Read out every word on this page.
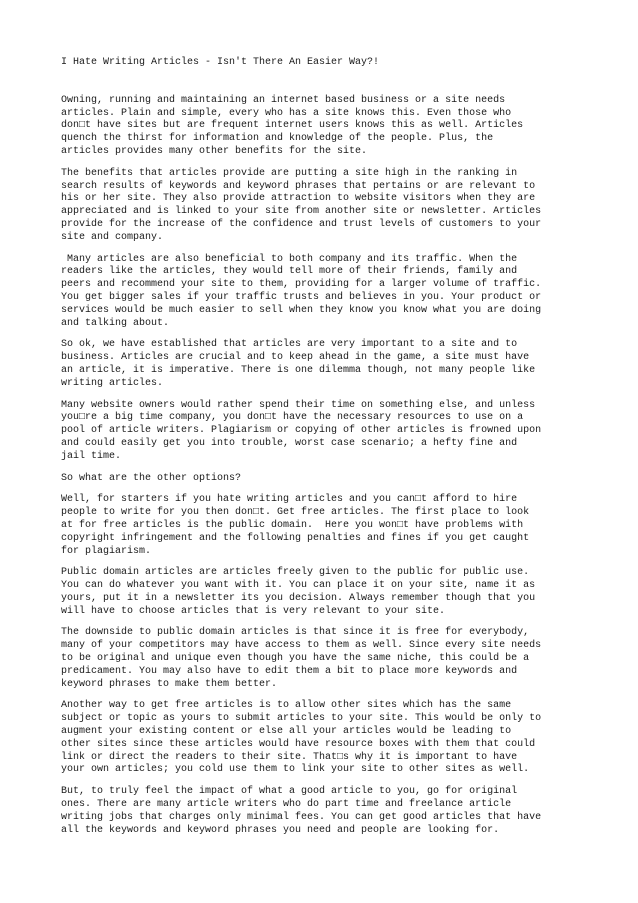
I Hate Writing Articles - Isn't There An Easier Way?!

Owning, running and maintaining an internet based business or a site needs
articles. Plain and simple, every who has a site knows this. Even those who
don□t have sites but are frequent internet users knows this as well. Articles
quench the thirst for information and knowledge of the people. Plus, the
articles provides many other benefits for the site.

The benefits that articles provide are putting a site high in the ranking in
search results of keywords and keyword phrases that pertains or are relevant to
his or her site. They also provide attraction to website visitors when they are
appreciated and is linked to your site from another site or newsletter. Articles
provide for the increase of the confidence and trust levels of customers to your
site and company.

Many articles are also beneficial to both company and its traffic. When the
readers like the articles, they would tell more of their friends, family and
peers and recommend your site to them, providing for a larger volume of traffic.
You get bigger sales if your traffic trusts and believes in you. Your product or
services would be much easier to sell when they know you know what you are doing
and talking about.

So ok, we have established that articles are very important to a site and to
business. Articles are crucial and to keep ahead in the game, a site must have
an article, it is imperative. There is one dilemma though, not many people like
writing articles.

Many website owners would rather spend their time on something else, and unless
you□re a big time company, you don□t have the necessary resources to use on a
pool of article writers. Plagiarism or copying of other articles is frowned upon
and could easily get you into trouble, worst case scenario; a hefty fine and
jail time.

So what are the other options?

Well, for starters if you hate writing articles and you can□t afford to hire
people to write for you then don□t. Get free articles. The first place to look
at for free articles is the public domain.  Here you won□t have problems with
copyright infringement and the following penalties and fines if you get caught
for plagiarism.

Public domain articles are articles freely given to the public for public use.
You can do whatever you want with it. You can place it on your site, name it as
yours, put it in a newsletter its you decision. Always remember though that you
will have to choose articles that is very relevant to your site.

The downside to public domain articles is that since it is free for everybody,
many of your competitors may have access to them as well. Since every site needs
to be original and unique even though you have the same niche, this could be a
predicament. You may also have to edit them a bit to place more keywords and
keyword phrases to make them better.

Another way to get free articles is to allow other sites which has the same
subject or topic as yours to submit articles to your site. This would be only to
augment your existing content or else all your articles would be leading to
other sites since these articles would have resource boxes with them that could
link or direct the readers to their site. That□s why it is important to have
your own articles; you cold use them to link your site to other sites as well.

But, to truly feel the impact of what a good article to you, go for original
ones. There are many article writers who do part time and freelance article
writing jobs that charges only minimal fees. You can get good articles that have
all the keywords and keyword phrases you need and people are looking for.
